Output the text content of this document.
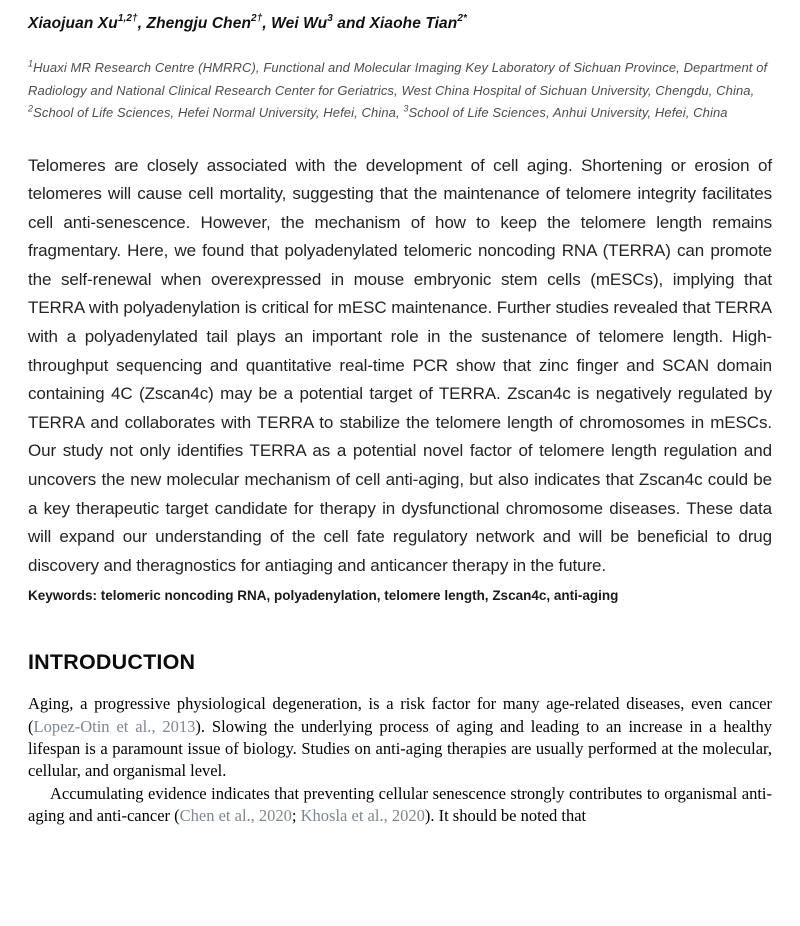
Xiaojuan $Xu^{1,2\dagger}$, Zhengju Chen$^{2\dagger}$, Wei Wu$^3$ and Xiaohe Tian$^{2*}$

$^1$Huaxi MR Research Centre (HMRRC), Functional and Molecular Imaging Key Laboratory of Sichuan Province, Department of Radiology and National Clinical Research Center for Geriatrics, West China Hospital of Sichuan University, Chengdu, China, $^2$School of Life Sciences, Hefei Normal University, Hefei, China, $^3$School of Life Sciences, Anhui University, Hefei, China

Telomeres are closely associated with the development of cell aging. Shortening or erosion of telomeres will cause cell mortality, suggesting that the maintenance of telomere integrity facilitates cell anti-senescence. However, the mechanism of how to keep the telomere length remains fragmentary. Here, we found that polyadenylated telomeric noncoding RNA (TERRA) can promote the self-renewal when overexpressed in mouse embryonic stem cells (mESCs), implying that TERRA with polyadenylation is critical for mESC maintenance. Further studies revealed that TERRA with a polyadenylated tail plays an important role in the sustenance of telomere length. High-throughput sequencing and quantitative real-time PCR show that zinc finger and SCAN domain containing 4C (Zscan4c) may be a potential target of TERRA. Zscan4c is negatively regulated by TERRA and collaborates with TERRA to stabilize the telomere length of chromosomes in mESCs. Our study not only identifies TERRA as a potential novel factor of telomere length regulation and uncovers the new molecular mechanism of cell anti-aging, but also indicates that Zscan4c could be a key therapeutic target candidate for therapy in dysfunctional chromosome diseases. These data will expand our understanding of the cell fate regulatory network and will be beneficial to drug discovery and theragnostics for antiaging and anticancer therapy in the future.

Keywords: telomeric noncoding RNA, polyadenylation, telomere length, Zscan4c, anti-aging

INTRODUCTION

Aging, a progressive physiological degeneration, is a risk factor for many age-related diseases, even cancer (Lopez-Otin et al., 2013). Slowing the underlying process of aging and leading to an increase in a healthy lifespan is a paramount issue of biology. Studies on anti-aging therapies are usually performed at the molecular, cellular, and organismal level.

Accumulating evidence indicates that preventing cellular senescence strongly contributes to organismal anti-aging and anti-cancer (Chen et al., 2020; Khosla et al., 2020). It should be noted that
